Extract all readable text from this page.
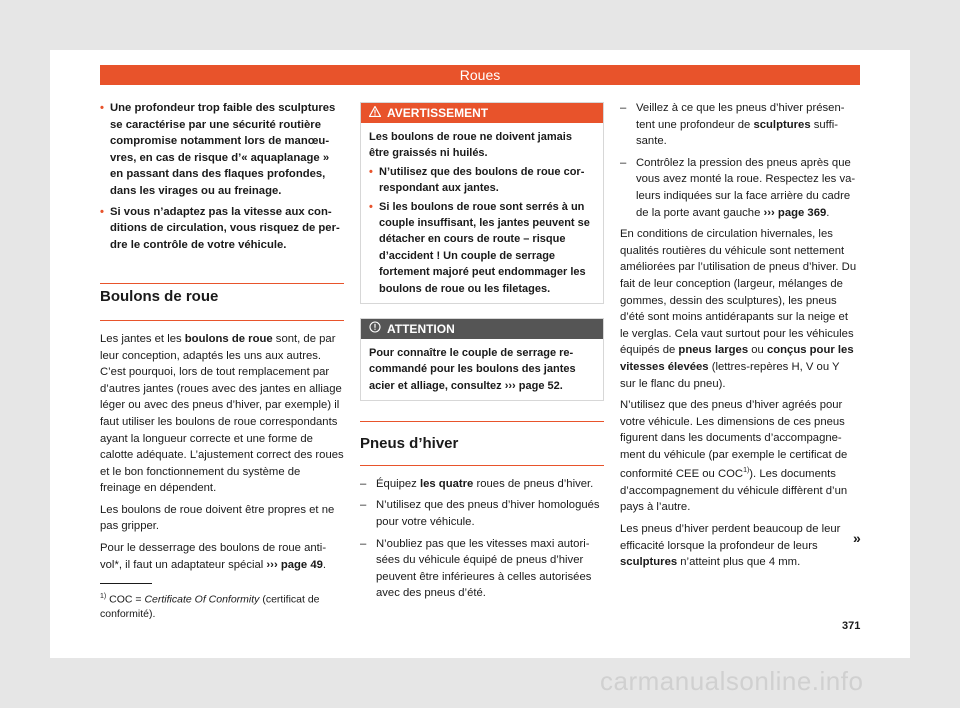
Roues
• Une profondeur trop faible des sculptures se caractérise par une sécurité routière compromise notamment lors de manœuvres, en cas de risque d’« aquaplanage » en passant dans des flaques profondes, dans les virages ou au freinage.
• Si vous n’adaptez pas la vitesse aux conditions de circulation, vous risquez de perdre le contrôle de votre véhicule.
Boulons de roue

Les jantes et les boulons de roue sont, de par leur conception, adaptés les uns aux autres. C’est pourquoi, lors de tout remplacement par d’autres jantes (roues avec des jantes en alliage léger ou avec des pneus d’hiver, par exemple) il faut utiliser les boulons de roue correspondants ayant la longueur correcte et une forme de calotte adéquate. L’ajustement correct des roues et le bon fonctionnement du système de freinage en dépendent.

Les boulons de roue doivent être propres et ne pas gripper.

Pour le desserrage des boulons de roue antivol*, il faut un adaptateur spécial ››› page 49.

AVERTISSEMENT
Les boulons de roue ne doivent jamais être graissés ni huilés.
• N’utilisez que des boulons de roue correspondant aux jantes.
• Si les boulons de roue sont serrés à un couple insuffisant, les jantes peuvent se détacher en cours de route – risque d’accident ! Un couple de serrage fortement majoré peut endommager les boulons de roue ou les filetages.
ATTENTION
Pour connaître le couple de serrage recommandé pour les boulons des jantes acier et alliage, consultez ››› page 52.
Pneus d’hiver
– Équipez les quatre roues de pneus d’hiver.
– N’utilisez que des pneus d’hiver homologués pour votre véhicule.
– N’oubliez pas que les vitesses maxi autorisées du véhicule équipé de pneus d’hiver peuvent être inférieures à celles autorisées avec des pneus d’été.
– Veillez à ce que les pneus d’hiver présentent une profondeur de sculptures suffisante.
– Contrôlez la pression des pneus après que vous avez monté la roue. Respectez les valeurs indiquées sur la face arrière du cadre de la porte avant gauche ››› page 369.

En conditions de circulation hivernales, les qualités routières du véhicule sont nettement améliorées par l’utilisation de pneus d’hiver. Du fait de leur conception (largeur, mélanges de gommes, dessin des sculptures), les pneus d’été sont moins antidérapants sur la neige et le verglas. Cela vaut surtout pour les véhicules équipés de pneus larges ou conçus pour les vitesses élevées (lettres-repères H, V ou Y sur le flanc du pneu).

N’utilisez que des pneus d’hiver agréés pour votre véhicule. Les dimensions de ces pneus figurent dans les documents d’accompagnement du véhicule (par exemple le certificat de conformité CEE ou COC$^{1)}$). Les documents d’accompagnement du véhicule diffèrent d’un pays à l’autre.

Les pneus d’hiver perdent beaucoup de leur efficacité lorsque la profondeur de leurs sculptures n’atteint plus que 4 mm.

»
$^{1)}$ COC = Certificate Of Conformity (certificat de conformité).
371
carmanualsonline.info
